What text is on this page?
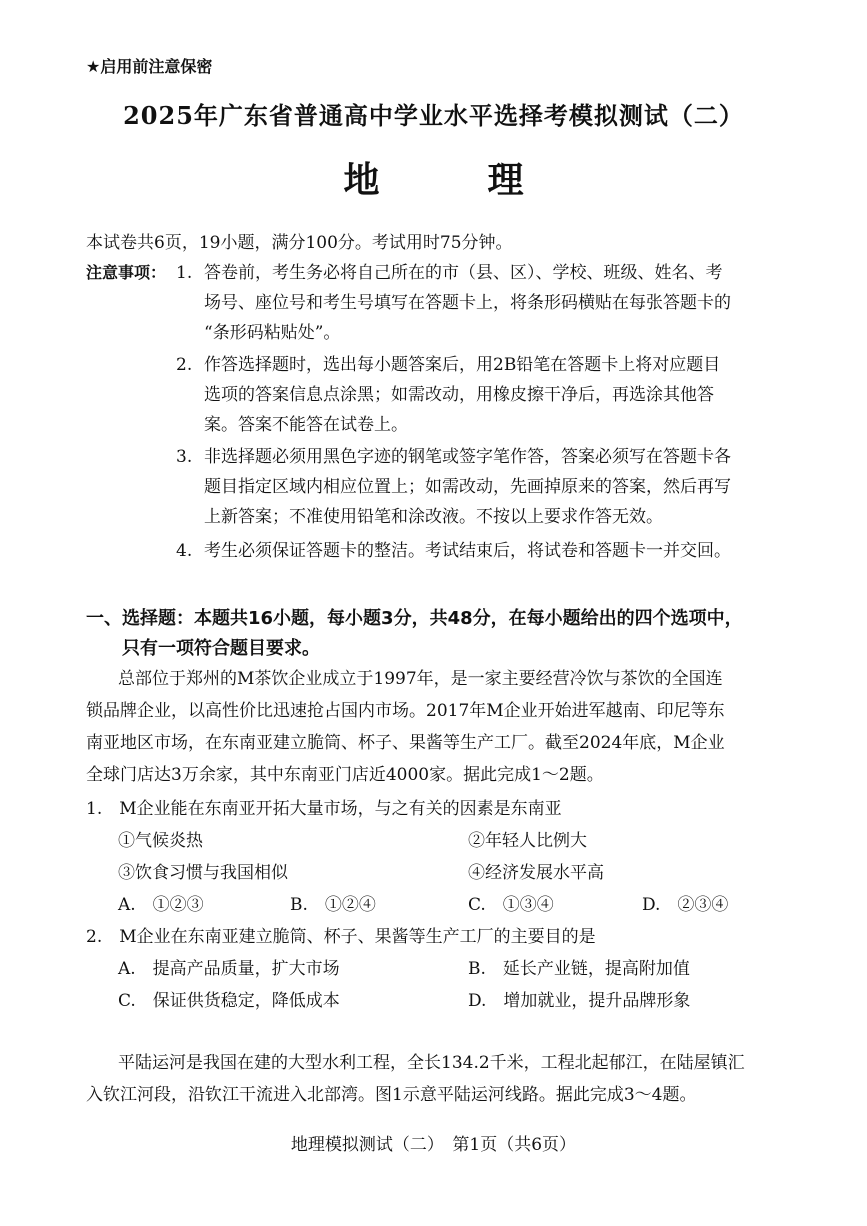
★启用前注意保密
2025年广东省普通高中学业水平选择考模拟测试（二）
地　理
本试卷共6页，19小题，满分100分。考试用时75分钟。
注意事项： 1. 答卷前，考生务必将自己所在的市（县、区）、学校、班级、姓名、考
场号、座位号和考生号填写在答题卡上，将条形码横贴在每张答题卡的
“条形码粘贴处”。
2. 作答选择题时，选出每小题答案后，用2B铅笔在答题卡上将对应题目
选项的答案信息点涂黑；如需改动，用橡皮擦干净后，再选涂其他答
案。答案不能答在试卷上。
3. 非选择题必须用黑色字迹的钢笔或签字笔作答，答案必须写在答题卡各
题目指定区域内相应位置上；如需改动，先画掉原来的答案，然后再写
上新答案；不准使用铅笔和涂改液。不按以上要求作答无效。
4. 考生必须保证答题卡的整洁。考试结束后，将试卷和答题卡一并交回。
一、选择题：本题共16小题，每小题3分，共48分，在每小题给出的四个选项中，
只有一项符合题目要求。
总部位于郑州的M茶饮企业成立于1997年，是一家主要经营冷饮与茶饮的全国连
锁品牌企业，以高性价比迅速抢占国内市场。2017年M企业开始进军越南、印尼等东
南亚地区市场，在东南亚建立脆筒、杯子、果酱等生产工厂。截至2024年底，M企业
全球门店达3万余家，其中东南亚门店近4000家。据此完成1～2题。
1.　M企业能在东南亚开拓大量市场，与之有关的因素是东南亚
①气候炎热	②年轻人比例大
③饮食习惯与我国相似	④经济发展水平高
A.　①②③	B.　①②④	C.　①③④	D.　②③④
2.　M企业在东南亚建立脆筒、杯子、果酱等生产工厂的主要目的是
A.　提高产品质量，扩大市场	B.　延长产业链，提高附加值
C.　保证供货稳定，降低成本	D.　增加就业，提升品牌形象
平陆运河是我国在建的大型水利工程，全长134.2千米，工程北起郁江，在陆屋镇汇
入钦江河段，沿钦江干流进入北部湾。图1示意平陆运河线路。据此完成3～4题。
地理模拟测试（二）　第1页（共6页）
